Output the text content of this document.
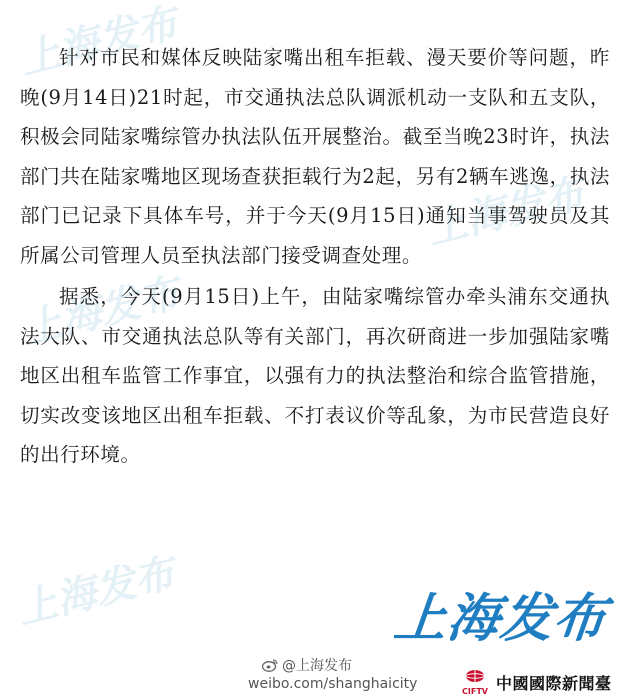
上海发布
上海发布
上海发布
上海发布

针对市民和媒体反映陆家嘴出租车拒载、漫天要价等问题，昨晚(9月14日)21时起，市交通执法总队调派机动一支队和五支队，积极会同陆家嘴综管办执法队伍开展整治。截至当晚23时许，执法部门共在陆家嘴地区现场查获拒载行为2起，另有2辆车逃逸，执法部门已记录下具体车号，并于今天(9月15日)通知当事驾驶员及其所属公司管理人员至执法部门接受调查处理。

据悉，今天(9月15日)上午，由陆家嘴综管办牵头浦东交通执法大队、市交通执法总队等有关部门，再次研商进一步加强陆家嘴地区出租车监管工作事宜，以强有力的执法整治和综合监管措施，切实改变该地区出租车拒载、不打表议价等乱象，为市民营造良好的出行环境。

上海发布
@上海发布
weibo.com/shanghaicity	CIFTV 中國國際新聞臺
